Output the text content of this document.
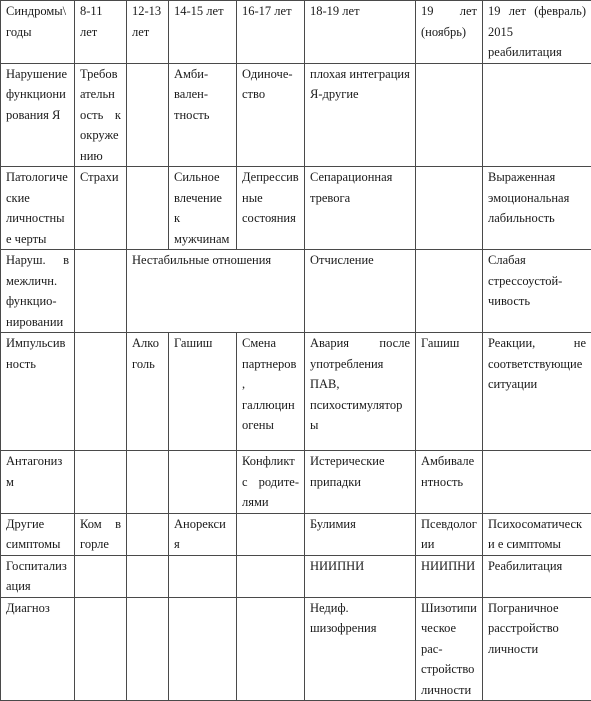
Синдромы\ годы	8-11 лет	12-13 лет	14-15 лет	16-17 лет	18-19 лет	19 лет (ноябрь)	19 лет (февраль) 2015 реабилитация
Нарушение функциони рования Я	Требов ательн ость к окруже нию		Амби- вален- тность	Одиноче- ство	плохая интеграция Я-другие		
Патологиче ские личностны е черты	Страхи		Сильное влечение к мужчинам	Депрессив ные состояния	Сепарационная тревога		Выраженная эмоциональная лабильность
Наруш. в межличн. функцио- нировании		Нестабильные отношения			Отчисление		Слабая стрессоустой- чивость
Импульсив ность		Алко голь	Гашиш	Смена партнеров , галлюцин огены	Авария после употребления ПАВ, психостимуляторы	Гашиш	Реакции, не соответствующие ситуации
Антагониз м				Конфликт с родите- лями	Истерические припадки	Амбивале нтность	
Другие симптомы	Ком в горле		Анорекси я		Булимия	Псевдолог ии	Психосоматически е симптомы
Госпитализ ация					НИИПНИ	НИИПНИ	Реабилитация
Диагноз					Недиф. шизофрения	Шизотипи ческое рас- стройство личности	Пограничное расстройство личности
